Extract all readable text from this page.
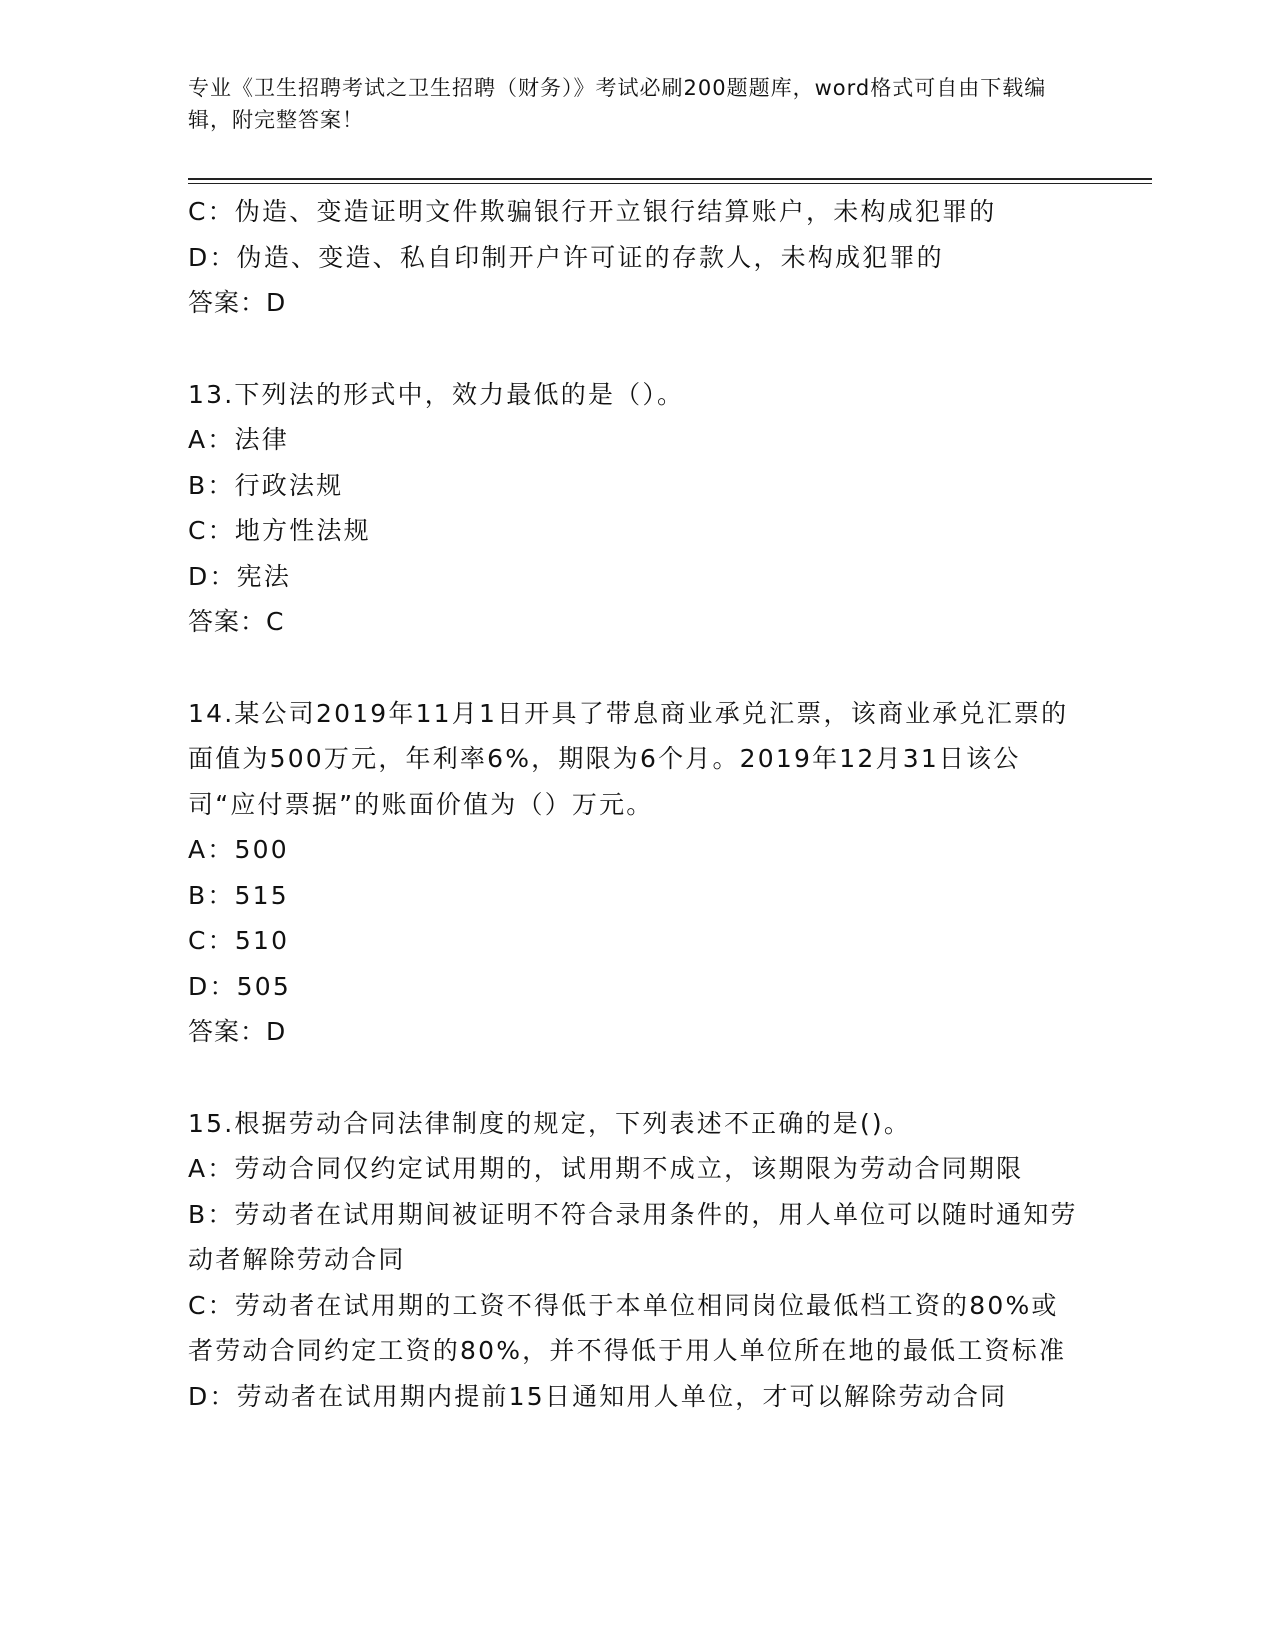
专业《卫生招聘考试之卫生招聘（财务）》考试必刷200题题库，word格式可自由下载编辑，附完整答案！
C：伪造、变造证明文件欺骗银行开立银行结算账户，未构成犯罪的
D：伪造、变造、私自印制开户许可证的存款人，未构成犯罪的
答案：D
13.下列法的形式中，效力最低的是（）。
A：法律
B：行政法规
C：地方性法规
D：宪法
答案：C
14.某公司2019年11月1日开具了带息商业承兑汇票，该商业承兑汇票的面值为500万元，年利率6%，期限为6个月。2019年12月31日该公司“应付票据”的账面价值为（）万元。
A：500
B：515
C：510
D：505
答案：D
15.根据劳动合同法律制度的规定，下列表述不正确的是()。
A：劳动合同仅约定试用期的，试用期不成立，该期限为劳动合同期限
B：劳动者在试用期间被证明不符合录用条件的，用人单位可以随时通知劳动者解除劳动合同
C：劳动者在试用期的工资不得低于本单位相同岗位最低档工资的80%或者劳动合同约定工资的80%，并不得低于用人单位所在地的最低工资标准
D：劳动者在试用期内提前15日通知用人单位，才可以解除劳动合同
